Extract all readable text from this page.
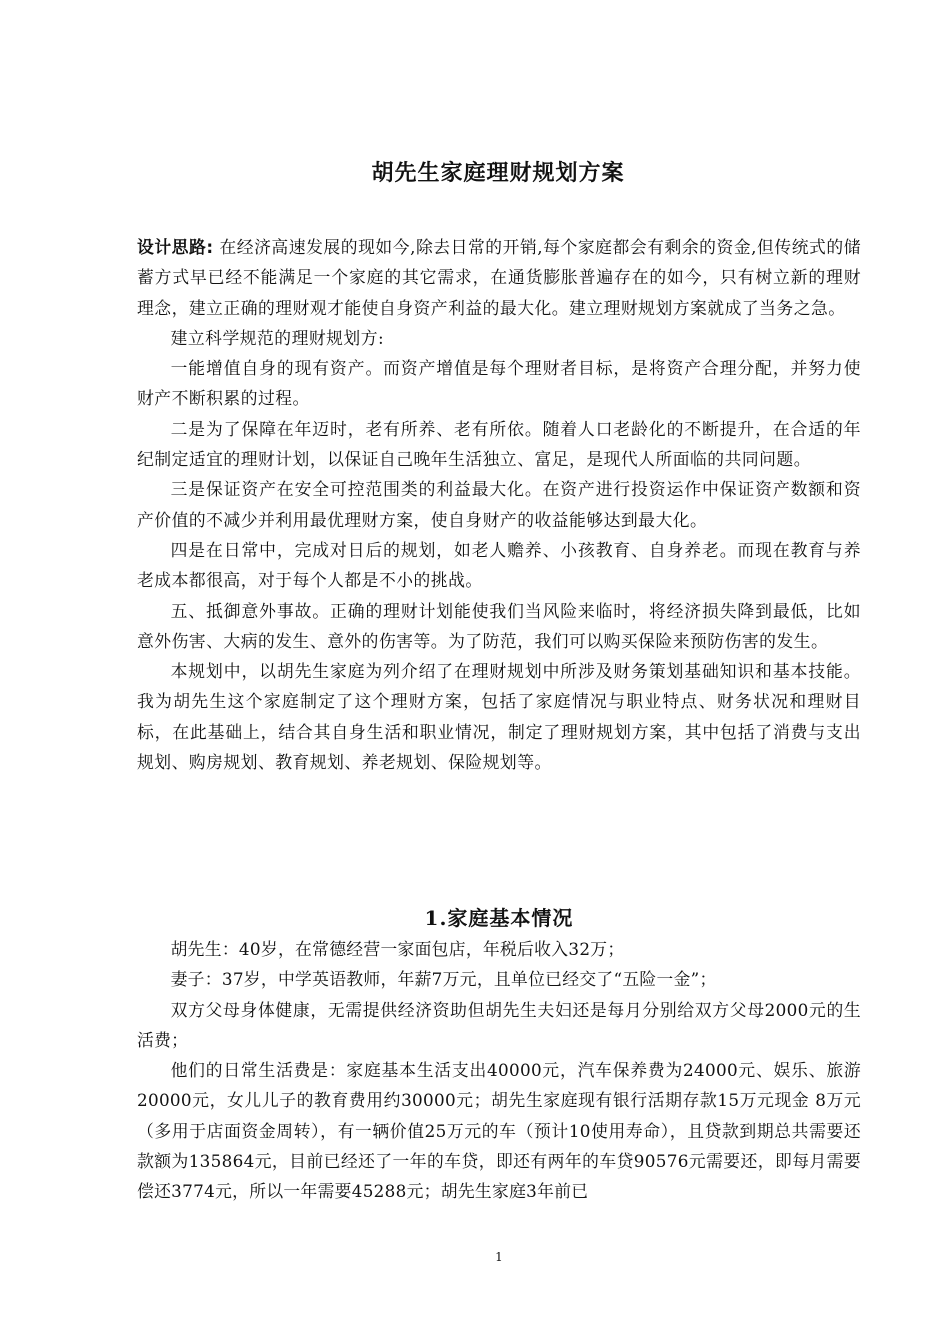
胡先生家庭理财规划方案

设计思路: 在经济高速发展的现如今,除去日常的开销,每个家庭都会有剩余的资金,但传统式的储蓄方式早已经不能满足一个家庭的其它需求，在通货膨胀普遍存在的如今，只有树立新的理财理念，建立正确的理财观才能使自身资产利益的最大化。建立理财规划方案就成了当务之急。

建立科学规范的理财规划方:

一能增值自身的现有资产。而资产增值是每个理财者目标，是将资产合理分配，并努力使财产不断积累的过程。

二是为了保障在年迈时，老有所养、老有所依。随着人口老龄化的不断提升，在合适的年纪制定适宜的理财计划，以保证自己晚年生活独立、富足，是现代人所面临的共同问题。

三是保证资产在安全可控范围类的利益最大化。在资产进行投资运作中保证资产数额和资产价值的不减少并利用最优理财方案，使自身财产的收益能够达到最大化。

四是在日常中，完成对日后的规划，如老人赡养、小孩教育、自身养老。而现在教育与养老成本都很高，对于每个人都是不小的挑战。

五、抵御意外事故。正确的理财计划能使我们当风险来临时，将经济损失降到最低，比如意外伤害、大病的发生、意外的伤害等。为了防范，我们可以购买保险来预防伤害的发生。

本规划中，以胡先生家庭为列介绍了在理财规划中所涉及财务策划基础知识和基本技能。我为胡先生这个家庭制定了这个理财方案，包括了家庭情况与职业特点、财务状况和理财目标，在此基础上，结合其自身生活和职业情况，制定了理财规划方案，其中包括了消费与支出规划、购房规划、教育规划、养老规划、保险规划等。

1.家庭基本情况

胡先生：40岁，在常德经营一家面包店，年税后收入32万；

妻子：37岁，中学英语教师，年薪7万元，且单位已经交了“五险一金”；

双方父母身体健康，无需提供经济资助但胡先生夫妇还是每月分别给双方父母2000元的生活费；

他们的日常生活费是：家庭基本生活支出40000元，汽车保养费为24000元、娱乐、旅游20000元，女儿儿子的教育费用约30000元；胡先生家庭现有银行活期存款15万元现金 8万元（多用于店面资金周转），有一辆价值25万元的车（预计10使用寿命），且贷款到期总共需要还款额为135864元，目前已经还了一年的车贷，即还有两年的车贷90576元需要还，即每月需要偿还3774元，所以一年需要45288元；胡先生家庭3年前已

1
